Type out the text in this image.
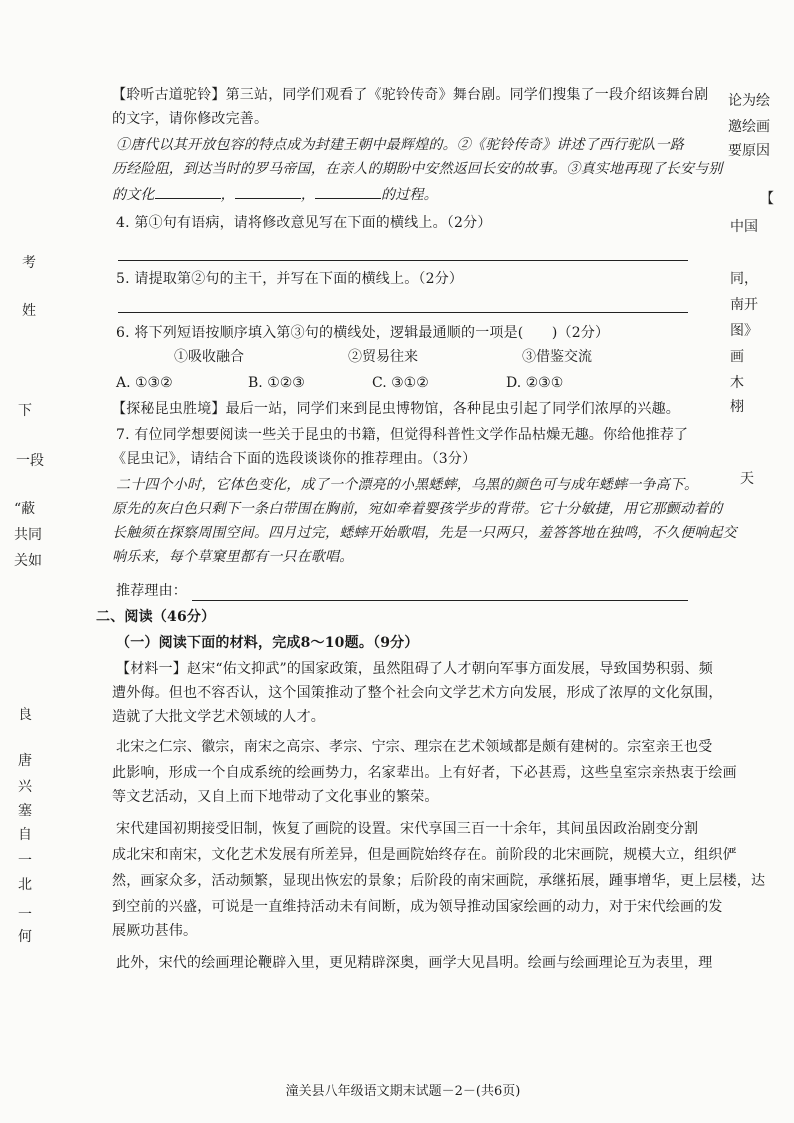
考
姓
下
一段
“蔽
共同
关如
良
唐
兴
塞
自
一
北
一
何
论为绘
邀绘画
要原因
【
中国
同，
南开
图》
画
木
栩
天
【聆听古道驼铃】第三站，同学们观看了《驼铃传奇》舞台剧。同学们搜集了一段介绍该舞台剧
的文字，请你修改完善。
①唐代以其开放包容的特点成为封建王朝中最辉煌的。②《驼铃传奇》讲述了西行驼队一路
历经险阻，到达当时的罗马帝国，在亲人的期盼中安然返回长安的故事。③真实地再现了长安与别
的文化	，	，	的过程。
4. 第①句有语病，请将修改意见写在下面的横线上。（2分）
5. 请提取第②句的主干，并写在下面的横线上。（2分）
6. 将下列短语按顺序填入第③句的横线处，逻辑最通顺的一项是(　　)（2分）
①吸收融合	②贸易往来	③借鉴交流
A. ①③②	B. ①②③	C. ③①②	D. ②③①
【探秘昆虫胜境】最后一站，同学们来到昆虫博物馆，各种昆虫引起了同学们浓厚的兴趣。
7. 有位同学想要阅读一些关于昆虫的书籍，但觉得科普性文学作品枯燥无趣。你给他推荐了
《昆虫记》，请结合下面的选段谈谈你的推荐理由。（3分）
二十四个小时，它体色变化，成了一个漂亮的小黑蟋蟀，乌黑的颜色可与成年蟋蟀一争高下。
原先的灰白色只剩下一条白带围在胸前，宛如牵着婴孩学步的背带。它十分敏捷，用它那颤动着的
长触须在探察周围空间。四月过完，蟋蟀开始歌唱，先是一只两只，羞答答地在独鸣，不久便响起交
响乐来，每个草窠里都有一只在歌唱。
推荐理由：
二、阅读（46分）
（一）阅读下面的材料，完成8～10题。（9分）
【材料一】赵宋“佑文抑武”的国家政策，虽然阻碍了人才朝向军事方面发展，导致国势积弱、频
遭外侮。但也不容否认，这个国策推动了整个社会向文学艺术方向发展，形成了浓厚的文化氛围，
造就了大批文学艺术领域的人才。
北宋之仁宗、徽宗，南宋之高宗、孝宗、宁宗、理宗在艺术领域都是颇有建树的。宗室亲王也受
此影响，形成一个自成系统的绘画势力，名家辈出。上有好者，下必甚焉，这些皇室宗亲热衷于绘画
等文艺活动，又自上而下地带动了文化事业的繁荣。
宋代建国初期接受旧制，恢复了画院的设置。宋代享国三百一十余年，其间虽因政治剧变分割
成北宋和南宋，文化艺术发展有所差异，但是画院始终存在。前阶段的北宋画院，规模大立，组织俨
然，画家众多，活动频繁，显现出恢宏的景象；后阶段的南宋画院，承继拓展，踵事增华，更上层楼，达
到空前的兴盛，可说是一直维持活动未有间断，成为领导推动国家绘画的动力，对于宋代绘画的发
展厥功甚伟。
此外，宋代的绘画理论鞭辟入里，更见精辟深奥，画学大见昌明。绘画与绘画理论互为表里，理
潼关县八年级语文期末试题－2－(共6页)
